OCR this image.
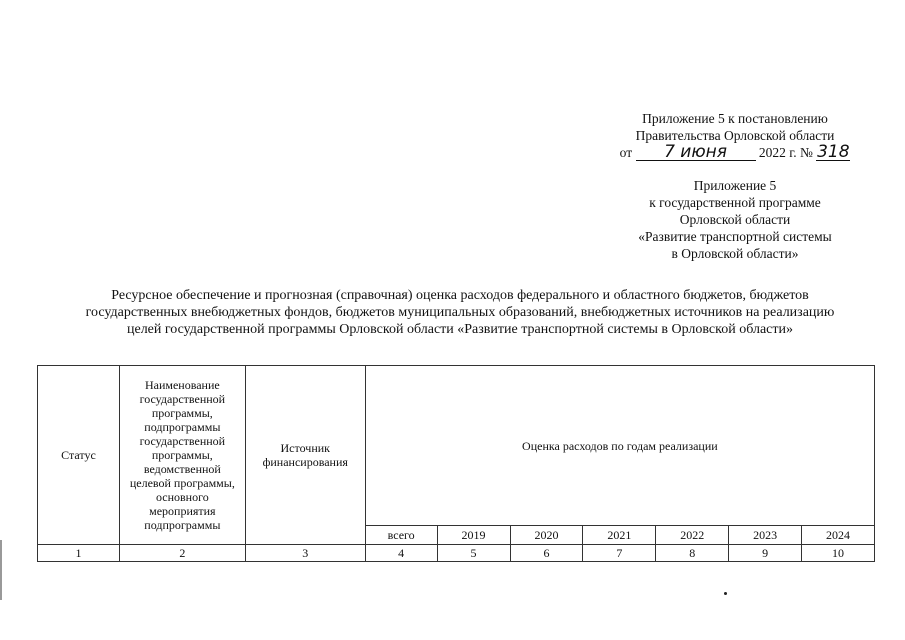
Приложение 5 к постановлению
Правительства Орловской области
от 7 июня 2022 г. № 318
Приложение 5
к государственной программе
Орловской области
«Развитие транспортной системы
в Орловской области»
Ресурсное обеспечение и прогнозная (справочная) оценка расходов федерального и областного бюджетов, бюджетов
государственных внебюджетных фондов, бюджетов муниципальных образований, внебюджетных источников на реализацию
целей государственной программы Орловской области «Развитие транспортной системы в Орловской области»
Статус	Наименование государственной программы, подпрограммы государственной программы, ведомственной целевой программы, основного мероприятия подпрограммы	Источник финансирования	Оценка расходов по годам реализации						
			всего	2019	2020	2021	2022	2023	2024
1	2	3	4	5	6	7	8	9	10
